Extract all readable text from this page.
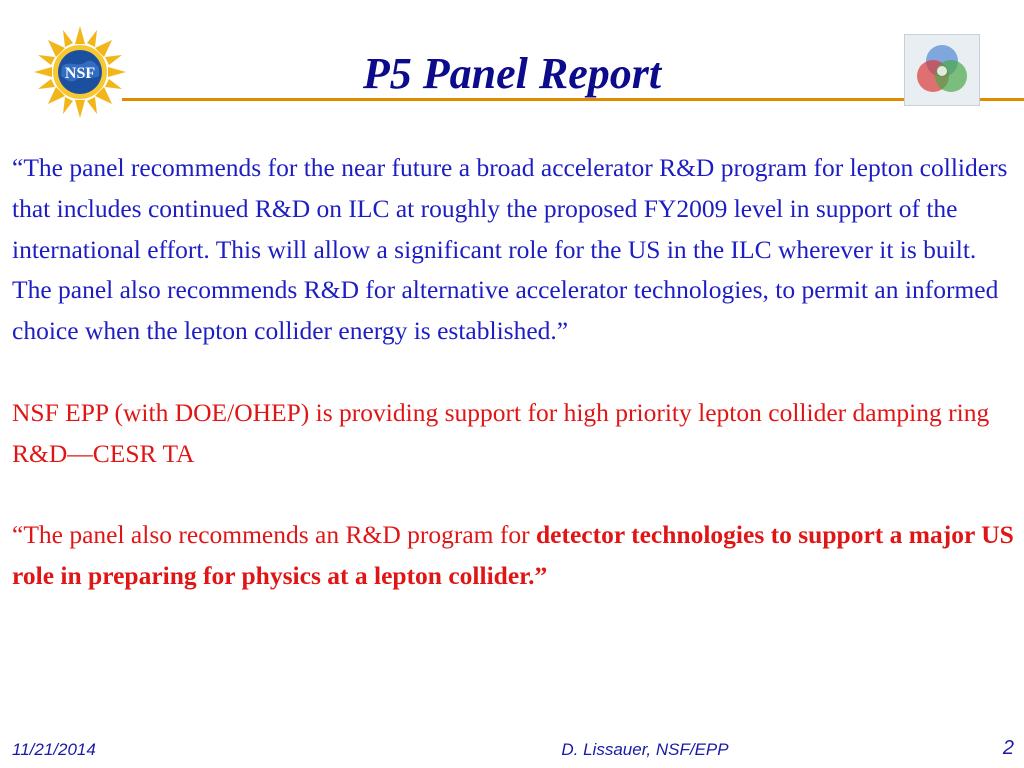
NSF	P5 Panel Report

“The panel recommends for the near future a broad accelerator R&D program for lepton colliders that includes continued R&D on ILC at roughly the proposed FY2009 level in support of the international effort. This will allow a significant role for the US in the ILC wherever it is built. The panel also recommends R&D for alternative accelerator technologies, to permit an informed choice when the lepton collider energy is established.”

NSF EPP (with DOE/OHEP) is providing support for high priority lepton collider damping ring R&D—CESR TA

“The panel also recommends an R&D program for detector technologies to support a major US role in preparing for physics at a lepton collider.”

11/21/2014	D. Lissauer, NSF/EPP	2
